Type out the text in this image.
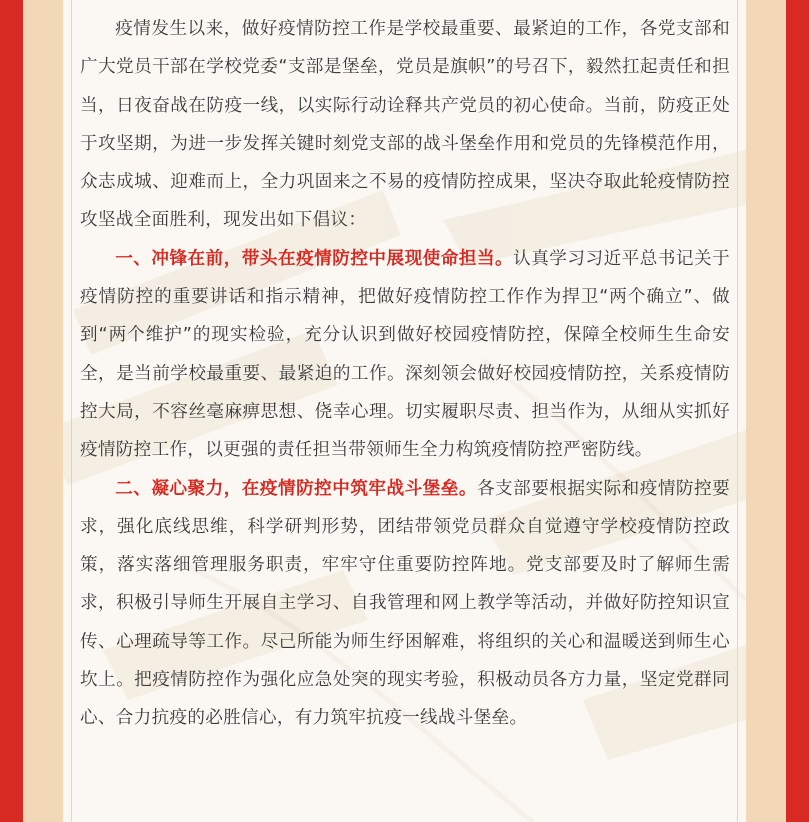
疫情发生以来，做好疫情防控工作是学校最重要、最紧迫的工作，各党支部和广大党员干部在学校党委“支部是堡垒，党员是旗帜”的号召下，毅然扛起责任和担当，日夜奋战在防疫一线，以实际行动诠释共产党员的初心使命。当前，防疫正处于攻坚期，为进一步发挥关键时刻党支部的战斗堡垒作用和党员的先锋模范作用，众志成城、迎难而上，全力巩固来之不易的疫情防控成果，坚决夺取此轮疫情防控攻坚战全面胜利，现发出如下倡议：

一、冲锋在前，带头在疫情防控中展现使命担当。认真学习习近平总书记关于疫情防控的重要讲话和指示精神，把做好疫情防控工作作为捍卫“两个确立”、做到“两个维护”的现实检验，充分认识到做好校园疫情防控，保障全校师生生命安全，是当前学校最重要、最紧迫的工作。深刻领会做好校园疫情防控，关系疫情防控大局，不容丝毫麻痹思想、侥幸心理。切实履职尽责、担当作为，从细从实抓好疫情防控工作，以更强的责任担当带领师生全力构筑疫情防控严密防线。

二、凝心聚力，在疫情防控中筑牢战斗堡垒。各支部要根据实际和疫情防控要求，强化底线思维，科学研判形势，团结带领党员群众自觉遵守学校疫情防控政策，落实落细管理服务职责，牢牢守住重要防控阵地。党支部要及时了解师生需求，积极引导师生开展自主学习、自我管理和网上教学等活动，并做好防控知识宣传、心理疏导等工作。尽己所能为师生纾困解难，将组织的关心和温暖送到师生心坎上。把疫情防控作为强化应急处突的现实考验，积极动员各方力量，坚定党群同心、合力抗疫的必胜信心，有力筑牢抗疫一线战斗堡垒。
